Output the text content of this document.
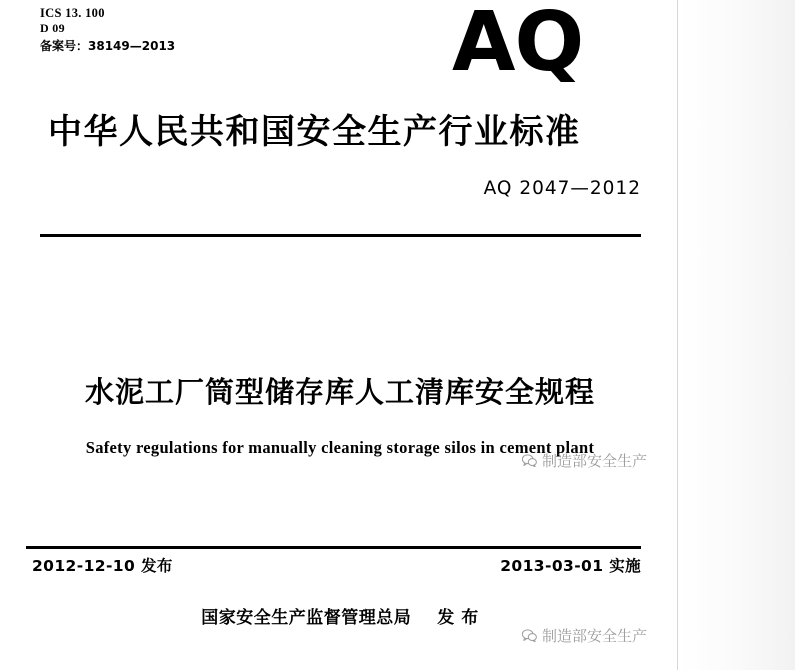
ICS 13. 100
D 09
备案号：38149—2013	AQ
中华人民共和国安全生产行业标准
AQ 2047—2012
水泥工厂筒型储存库人工清库安全规程
Safety regulations for manually cleaning storage silos in cement plant
2012-12-10 发布	2013-03-01 实施
国家安全生产监督管理总局 发 布
制造部安全生产
制造部安全生产
